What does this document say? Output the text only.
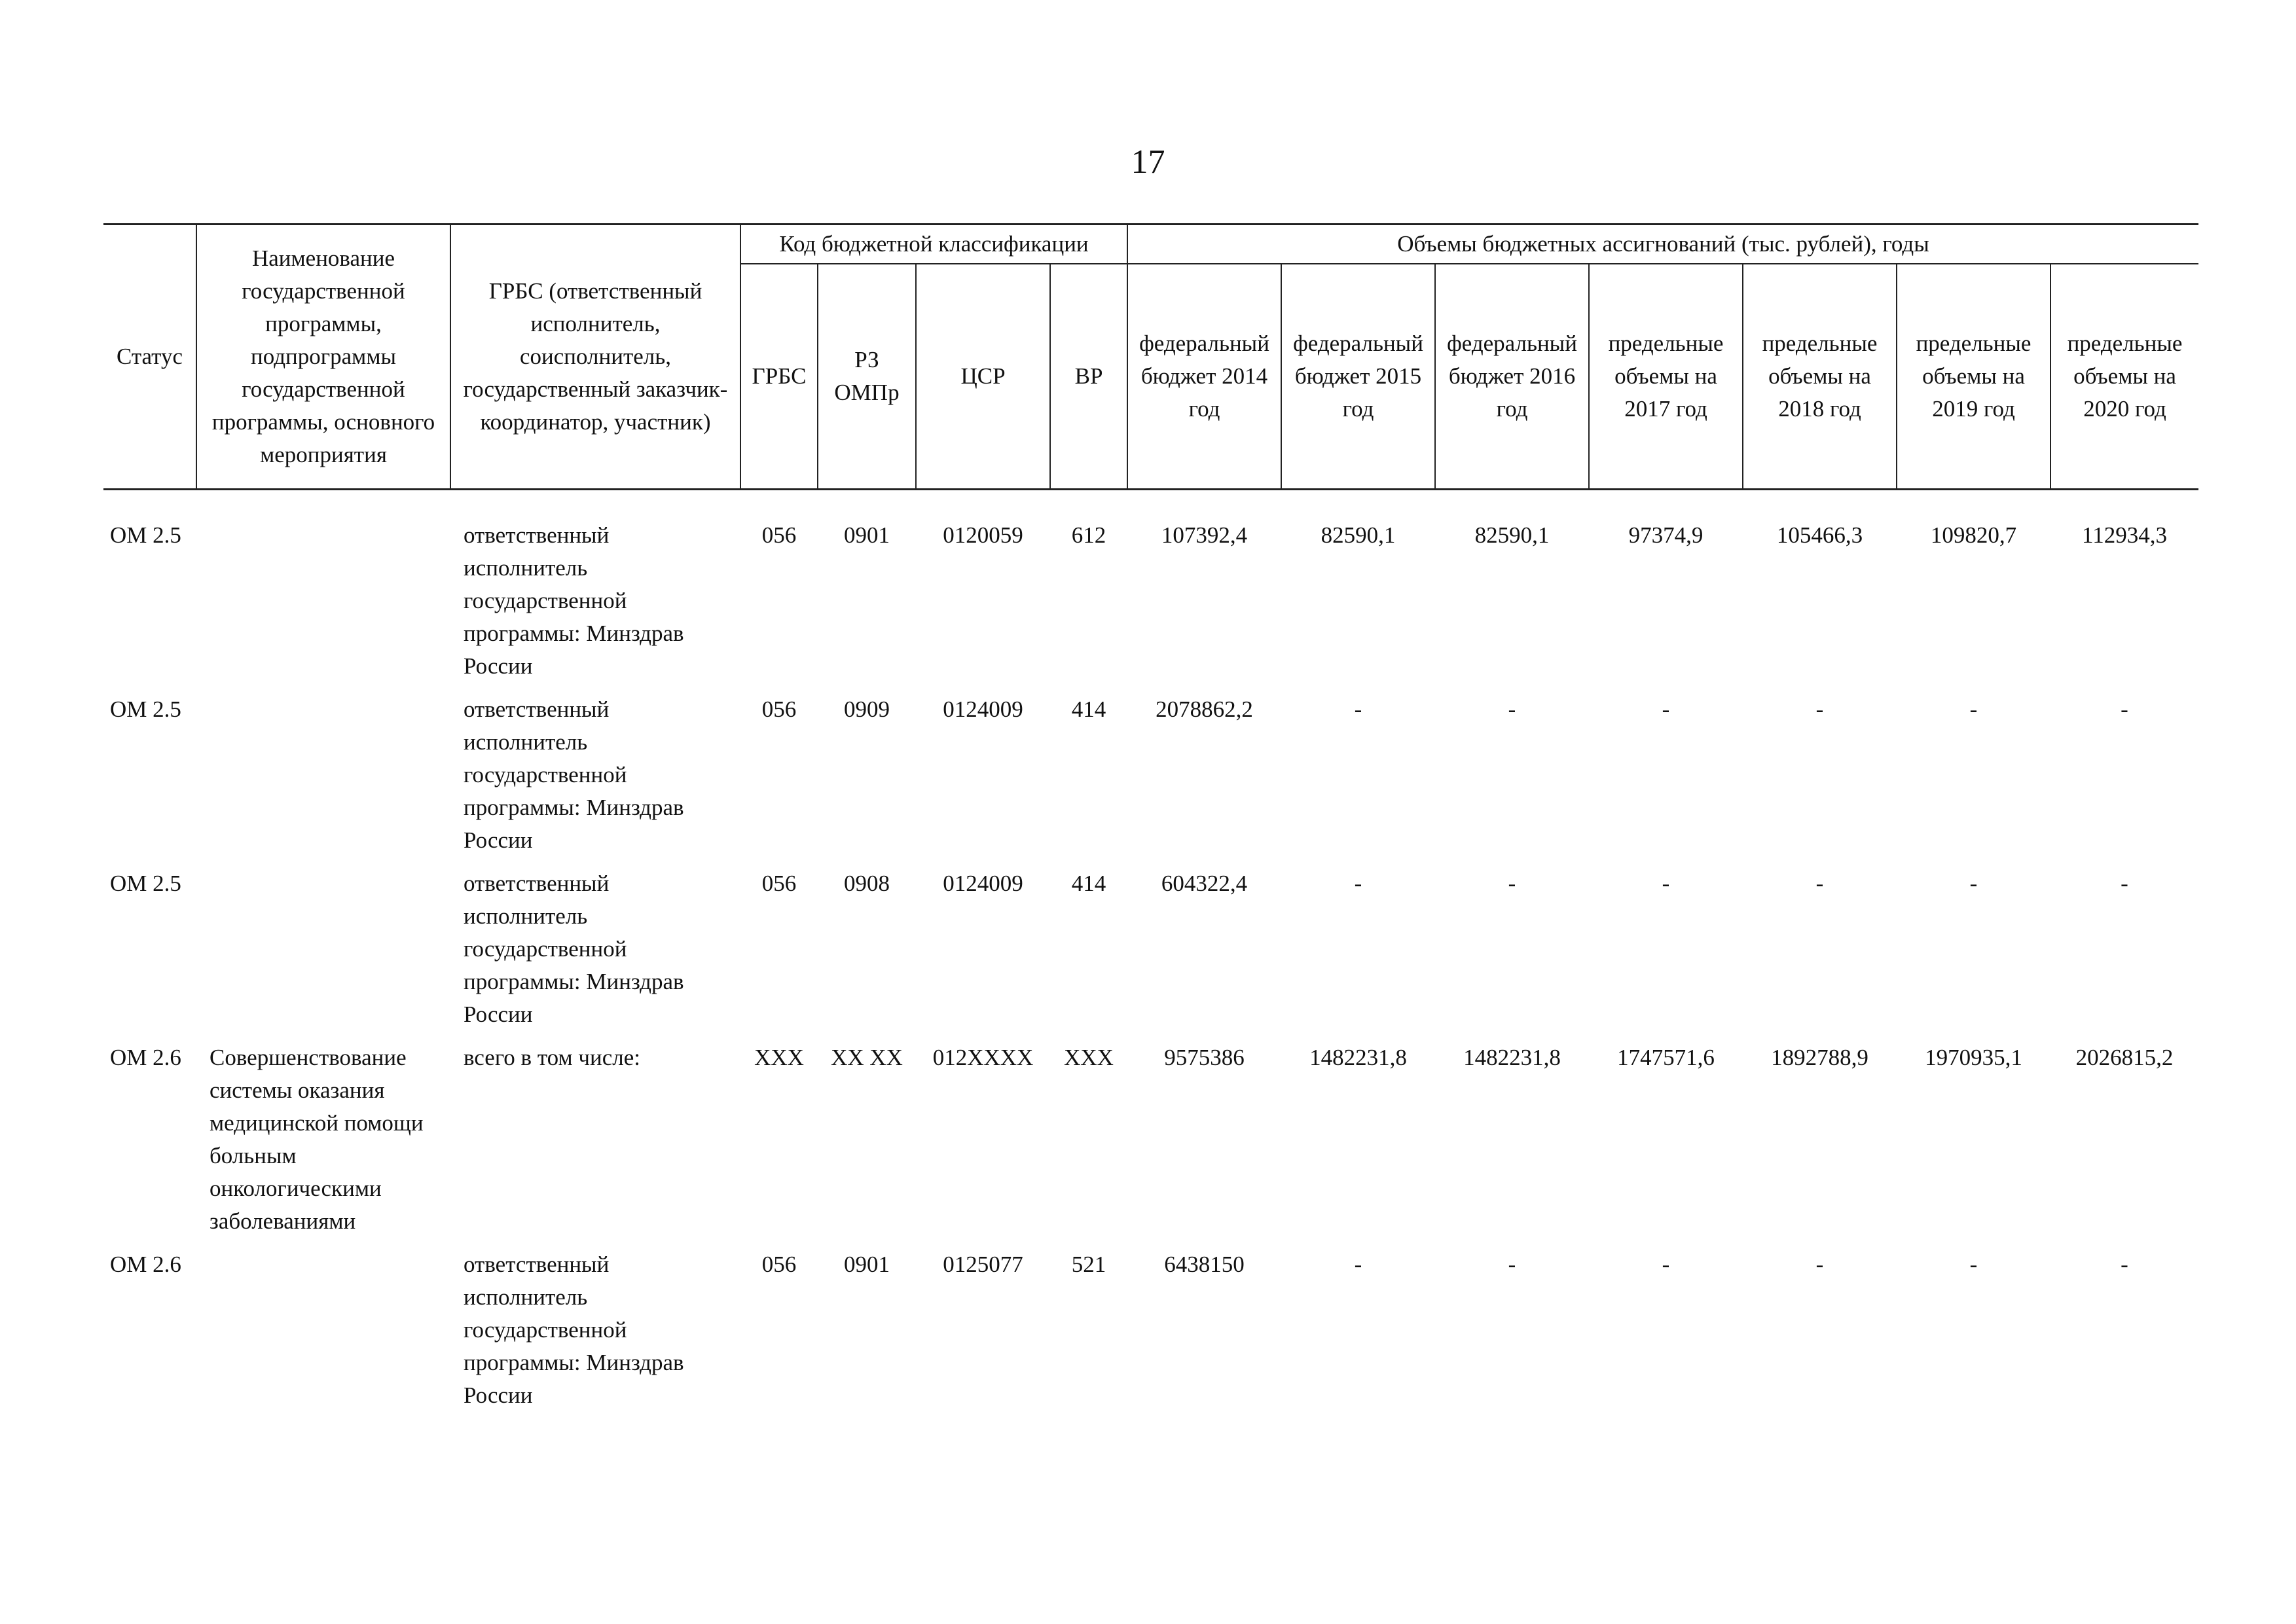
17
Статус	Наименование государственной программы, подпрограммы государственной программы, основного мероприятия	ГРБС (ответственный исполнитель, соисполнитель, государственный заказчик-координатор, участник)	Код бюджетной классификации				Объемы бюджетных ассигнований (тыс. рублей), годы						
			ГРБС	РЗ ОМПр	ЦСР	ВР	федеральный бюджет 2014 год	федеральный бюджет 2015 год	федеральный бюджет 2016 год	предельные объемы на 2017 год	предельные объемы на 2018 год	предельные объемы на 2019 год	предельные объемы на 2020 год
ОМ 2.5		ответственный исполнитель государственной программы: Минздрав России	056	0901	0120059	612	107392,4	82590,1	82590,1	97374,9	105466,3	109820,7	112934,3
ОМ 2.5		ответственный исполнитель государственной программы: Минздрав России	056	0909	0124009	414	2078862,2	-	-	-	-	-	-
ОМ 2.5		ответственный исполнитель государственной программы: Минздрав России	056	0908	0124009	414	604322,4	-	-	-	-	-	-
ОМ 2.6	Совершенствование системы оказания медицинской помощи больным онкологическими заболеваниями	всего в том числе:	XXX	XX XX	012XXXX	XXX	9575386	1482231,8	1482231,8	1747571,6	1892788,9	1970935,1	2026815,2
ОМ 2.6		ответственный исполнитель государственной программы: Минздрав России	056	0901	0125077	521	6438150	-	-	-	-	-	-
